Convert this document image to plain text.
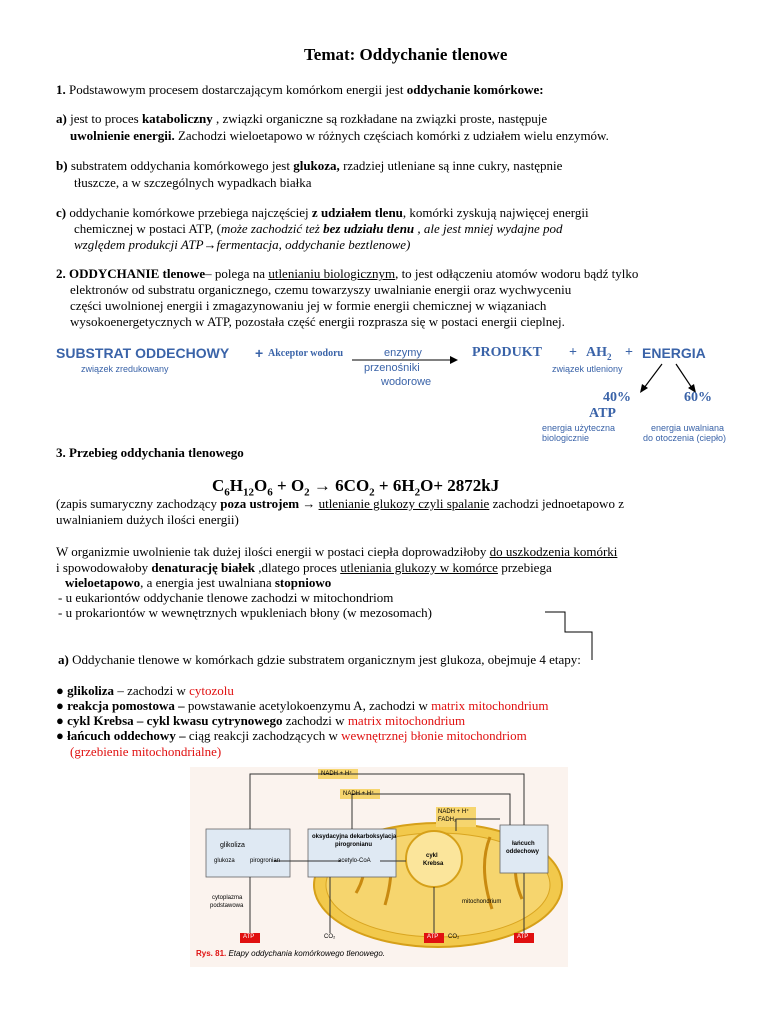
Temat: Oddychanie tlenowe
1. Podstawowym procesem dostarczającym komórkom energii jest oddychanie komórkowe:
a) jest to proces kataboliczny , związki organiczne są rozkładane na związki proste, następuje
uwolnienie energii. Zachodzi wieloetapowo w różnych częściach komórki z udziałem wielu enzymów.
b) substratem oddychania komórkowego jest glukoza, rzadziej utleniane są inne cukry, następnie
tłuszcze, a w szczególnych wypadkach białka
c) oddychanie komórkowe przebiega najczęściej z udziałem tlenu, komórki zyskują najwięcej energii
chemicznej w postaci ATP, (może zachodzić też bez udziału tlenu , ale jest mniej wydajne pod
względem produkcji ATP→fermentacja, oddychanie beztlenowe)
2. ODDYCHANIE tlenowe– polega na utlenianiu biologicznym, to jest odłączeniu atomów wodoru bądź tylko
elektronów od substratu organicznego, czemu towarzyszy uwalnianie energii oraz wychwyceniu
części uwolnionej energii i zmagazynowaniu jej w formie energii chemicznej w wiązaniach
wysokoenergetycznych w ATP, pozostała część energii rozprasza się w postaci energii cieplnej.
SUBSTRAT ODDECHOWY + Akceptor wodoru	enzymy	PRODUKT + $AH_2$ + ENERGIA
związek zredukowany	przenośniki
wodorowe
związek utleniony
40%	60%
ATP
energia użyteczna
biologicznie
energia uwalniana
do otoczenia (ciepło)
3. Przebieg oddychania tlenowego
$C_6H_{12}O_6 + O_2 \to 6CO_2 + 6H_2O+ 2872kJ$
(zapis sumaryczny zachodzący poza ustrojem → utlenianie glukozy czyli spalanie zachodzi jednoetapowo z
uwalnianiem dużych ilości energii)
W organizmie uwolnienie tak dużej ilości energii w postaci ciepła doprowadziłoby do uszkodzenia komórki
i spowodowałoby denaturację białek ,dlatego proces utleniania glukozy w komórce przebiega
wieloetapowo, a energia jest uwalniana stopniowo
- u eukariontów oddychanie tlenowe zachodzi w mitochondriom
- u prokariontów w wewnętrznych wpukleniach błony (w mezosomach)
a) Oddychanie tlenowe w komórkach gdzie substratem organicznym jest glukoza, obejmuje 4 etapy:
● glikoliza – zachodzi w cytozolu
● reakcja pomostowa – powstawanie acetylokoenzymu A, zachodzi w matrix mitochondrium
● cykl Krebsa – cykl kwasu cytrynowego zachodzi w matrix mitochondrium
● łańcuch oddechowy – ciąg reakcji zachodzących w wewnętrznej błonie mitochondriom
(grzebienie mitochondrialne)
NADH + H⁺
NADH + H⁺
NADH + H⁺
FADH₂
glikoliza
glukoza	pirogronian
oksydacyjna dekarboksylacja
pirogronianu
acetylo-CoA
cykl
Krebsa
łańcuch
oddechowy
cytoplazma
podstawowa
mitochondrium
ATP	CO₂	ATP CO₂	ATP
Rys. 81. Etapy oddychania komórkowego tlenowego.
